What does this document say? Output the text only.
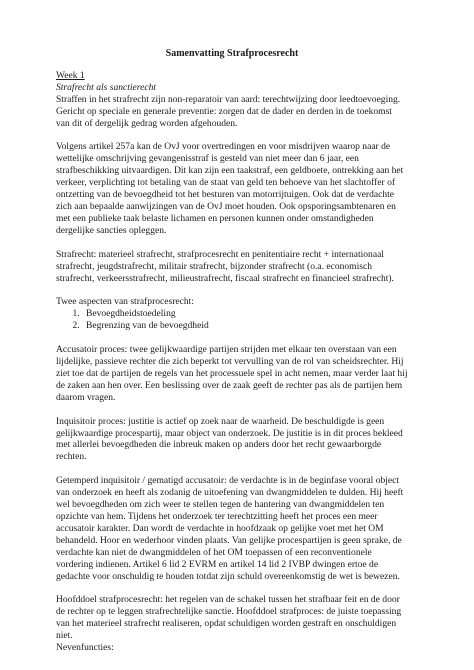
Samenvatting Strafprocesrecht

Week 1

Strafrecht als sanctierecht

Straffen in het strafrecht zijn non-reparatoir van aard: terechtwijzing door leedtoevoeging. Gericht op speciale en generale preventie: zorgen dat de dader en derden in de toekomst van dit of dergelijk gedrag worden afgehouden.

Volgens artikel 257a kan de OvJ voor overtredingen en voor misdrijven waarop naar de wettelijke omschrijving gevangenisstraf is gesteld van niet meer dan 6 jaar, een strafbeschikking uitvaardigen. Dit kan zijn een taakstraf, een geldboete, ontrekking aan het verkeer, verplichting tot betaling van de staat van geld ten behoeve van het slachtoffer of ontzetting van de bevoegdheid tot het besturen van motorrijtuigen. Ook dat de verdachte zich aan bepaalde aanwijzingen van de OvJ moet houden. Ook opsporingsambtenaren en met een publieke taak belaste lichamen en personen kunnen onder omstandigheden dergelijke sancties opleggen.

Strafrecht: materieel strafrecht, strafprocesrecht en penitentiaire recht + internationaal strafrecht, jeugdstrafrecht, militair strafrecht, bijzonder strafrecht (o.a. economisch strafrecht, verkeersstrafrecht, milieustrafrecht, fiscaal strafrecht en financieel strafrecht).

Twee aspecten van strafprocesrecht:

1. Bevoegdheidstoedeling
2. Begrenzing van de bevoegdheid

Accusatoir proces: twee gelijkwaardige partijen strijden met elkaar ten overstaan van een lijdelijke, passieve rechter die zich beperkt tot vervulling van de rol van scheidsrechter. Hij ziet toe dat de partijen de regels van het processuele spel in acht nemen, maar verder laat hij de zaken aan hen over. Een beslissing over de zaak geeft de rechter pas als de partijen hem daarom vragen.

Inquisitoir proces: justitie is actief op zoek naar de waarheid. De beschuldigde is geen gelijkwaardige procespartij, maar object van onderzoek. De justitie is in dit proces bekleed met allerlei bevoegdheden die inbreuk maken op anders door het recht gewaarborgde rechten.

Getemperd inquisitoir / gematigd accusatoir: de verdachte is in de beginfase vooral object van onderzoek en heeft als zodanig de uitoefening van dwangmiddelen te dulden. Hij heeft wel bevoegdheden om zich weer te stellen tegen de hantering van dwangmiddelen ten opzichte van hem. Tijdens het onderzoek ter terechtzitting heeft het proces een meer accusatoir karakter. Dan wordt de verdachte in hoofdzaak op gelijke voet met het OM behandeld. Hoor en wederhoor vinden plaats. Van gelijke procespartijen is geen sprake, de verdachte kan niet de dwangmiddelen of het OM toepassen of een reconventionele vordering indienen. Artikel 6 lid 2 EVRM en artikel 14 lid 2 IVBP dwingen ertoe de gedachte voor onschuldig te houden totdat zijn schuld overeenkomstig de wet is bewezen.

Hoofddoel strafprocesrecht: het regelen van de schakel tussen het strafbaar feit en de door de rechter op te leggen strafrechtelijke sanctie. Hoofddoel strafproces: de juiste toepassing van het materieel strafrecht realiseren, opdat schuldigen worden gestraft en onschuldigen niet.

Nevenfuncties:
